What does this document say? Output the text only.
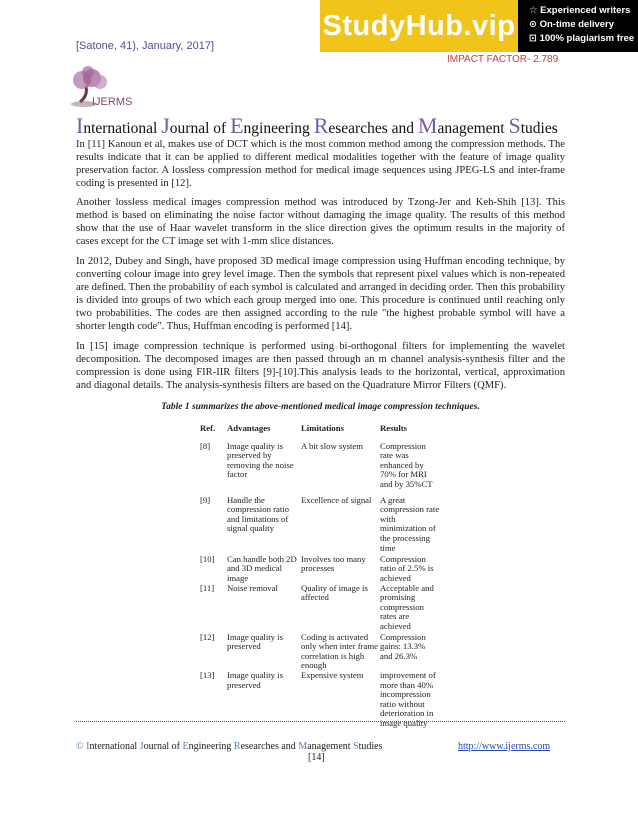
[Satone, 41), January, 2017]
StudyHub.vip ☆ Experienced writers
⊙ On-time delivery
⊡ 100% plagiarism free
IMPACT FACTOR- 2.789
IJERMS
International Journal of Engineering Researches and Management Studies
In [11] Kanoun et al, makes use of DCT which is the most common method among the compression methods. The results indicate that it can be applied to different medical modalities together with the feature of image quality preservation factor. A lossless compression method for medical image sequences using JPEG-LS and inter-frame coding is presented in [12].
Another lossless medical images compression method was introduced by Tzong-Jer and Keh-Shih [13]. This method is based on eliminating the noise factor without damaging the image quality. The results of this method show that the use of Haar wavelet transform in the slice direction gives the optimum results in the majority of cases except for the CT image set with 1-mm slice distances.
In 2012, Dubey and Singh, have proposed 3D medical image compression using Huffman encoding technique, by converting colour image into grey level image. Then the symbols that represent pixel values which is non-repeated are defined. Then the probability of each symbol is calculated and arranged in deciding order. Then this probability is divided into groups of two which each group merged into one. This procedure is continued until reaching only two probabilities. The codes are then assigned according to the rule "the highest probable symbol will have a shorter length code". Thus, Huffman encoding is performed [14].
In [15] image compression technique is performed using bi-orthogonal filters for implementing the wavelet decomposition. The decomposed images are then passed through an m channel analysis-synthesis filter and the compression is done using FIR-IIR filters [9]-[10].This analysis leads to the horizontal, vertical, approximation and diagonal details. The analysis-synthesis filters are based on the Quadrature Mirror Filters (QMF).
Table 1 summarizes the above-mentioned medical image compression techniques.
Ref.	Advantages	Limitations	Results
[8]	Image quality is preserved by removing the noise factor	A bit slow system	Compression rate was enhanced by 70% for MRI and by 35%CT
[9]	Handle the compression ratio and limitations of signal quality	Excellence of signal	A great compression rate with minimization of the processing time
[10]	Can handle both 2D and 3D medical image	Involves too many processes	Compression ratio of 2.5% is achieved
[11]	Noise removal	Quality of image is affected	Acceptable and promising compression rates are achieved
[12]	Image quality is preserved	Coding is activated only when inter frame correlation is high enough	Compression gains: 13.3% and 26.3%
[13]	Image quality is preserved	Expensive system	improvement of more than 40% incompression ratio without deterioration in image quality
© International Journal of Engineering Researches and Management Studies	http://www.ijerms.com
[14]
